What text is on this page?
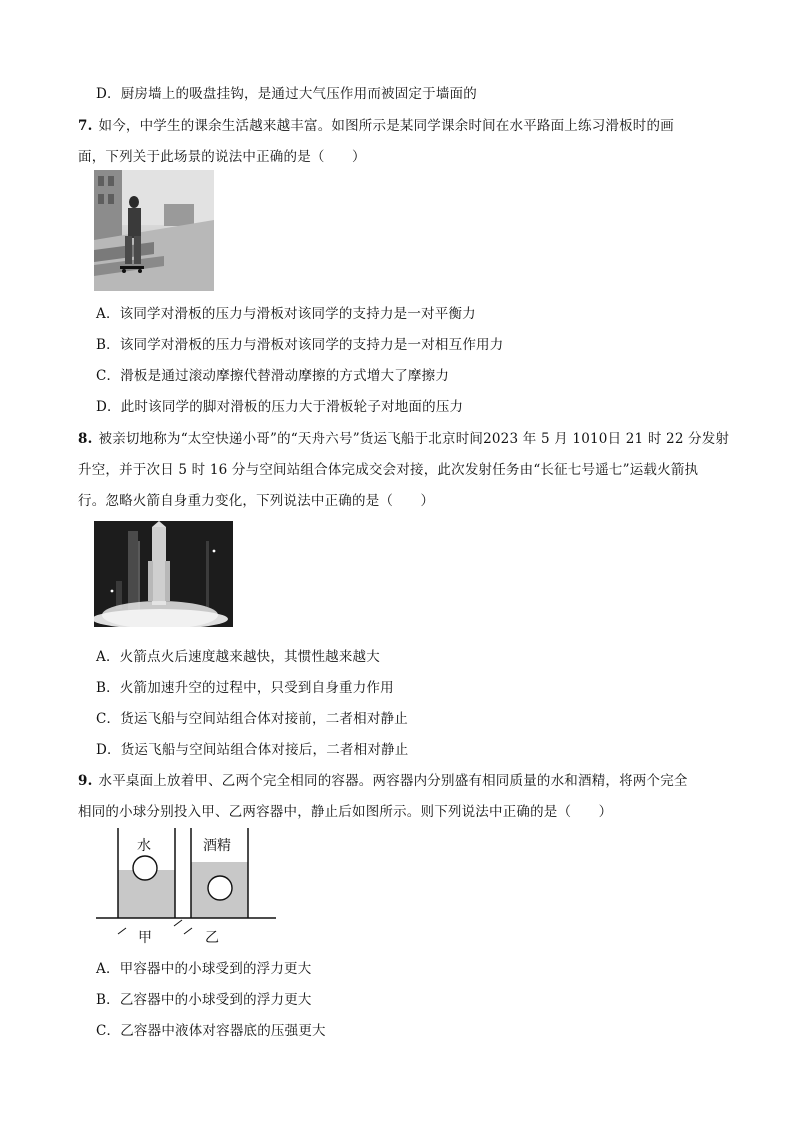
D．厨房墙上的吸盘挂钩，是通过大气压作用而被固定于墙面的
7. 如今，中学生的课余生活越来越丰富。如图所示是某同学课余时间在水平路面上练习滑板时的画
面，下列关于此场景的说法中正确的是（　　）
A．该同学对滑板的压力与滑板对该同学的支持力是一对平衡力
B．该同学对滑板的压力与滑板对该同学的支持力是一对相互作用力
C．滑板是通过滚动摩擦代替滑动摩擦的方式增大了摩擦力
D．此时该同学的脚对滑板的压力大于滑板轮子对地面的压力
8. 被亲切地称为“太空快递小哥”的“天舟六号”货运飞船于北京时间2023 年 5 月 1010日 21 时 22 分发射
升空，并于次日 5 时 16 分与空间站组合体完成交会对接，此次发射任务由“长征七号遥七”运载火箭执
行。忽略火箭自身重力变化，下列说法中正确的是（　　）
A．火箭点火后速度越来越快，其惯性越来越大
B．火箭加速升空的过程中，只受到自身重力作用
C．货运飞船与空间站组合体对接前，二者相对静止
D．货运飞船与空间站组合体对接后，二者相对静止
9. 水平桌面上放着甲、乙两个完全相同的容器。两容器内分别盛有相同质量的水和酒精，将两个完全
相同的小球分别投入甲、乙两容器中，静止后如图所示。则下列说法中正确的是（　　）
水	酒精
甲	乙
A．甲容器中的小球受到的浮力更大
B．乙容器中的小球受到的浮力更大
C．乙容器中液体对容器底的压强更大
